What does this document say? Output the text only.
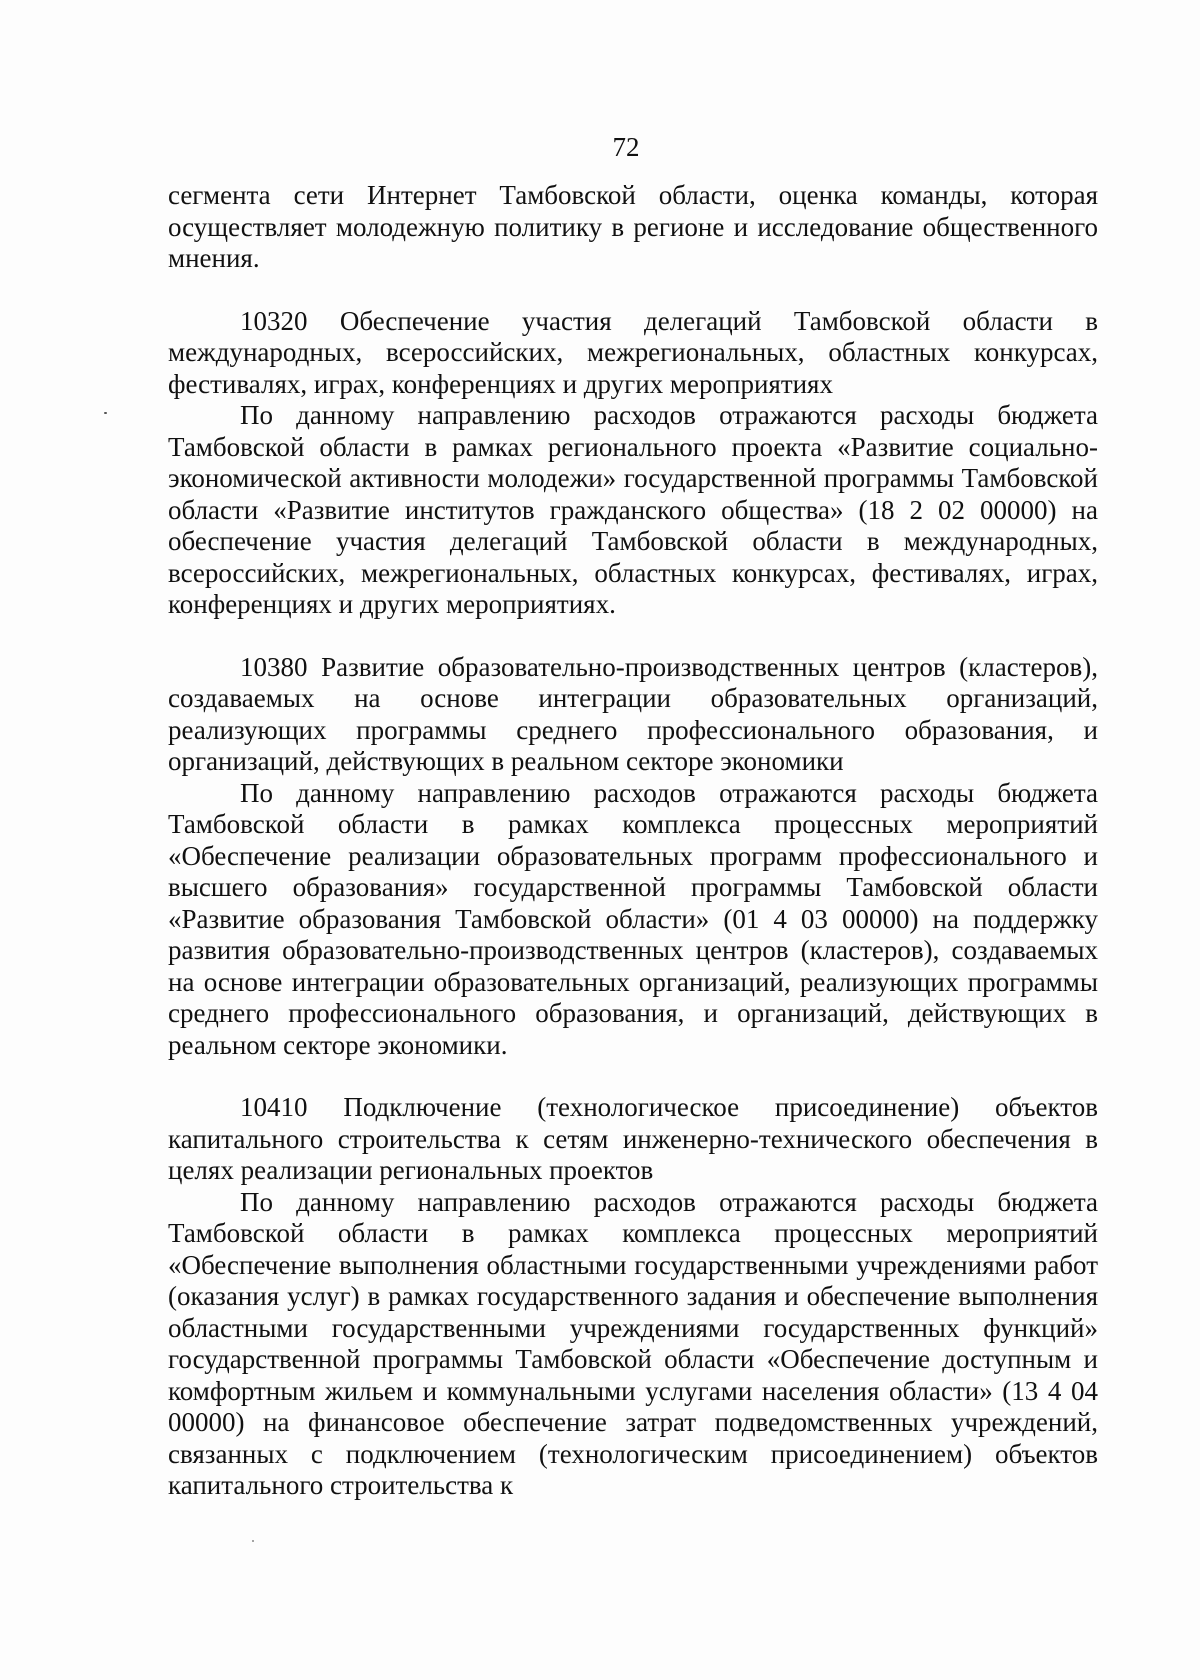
72

сегмента сети Интернет Тамбовской области, оценка команды, которая осуществляет молодежную политику в регионе и исследование общественного мнения.

10320 Обеспечение участия делегаций Тамбовской области в международных, всероссийских, межрегиональных, областных конкурсах, фестивалях, играх, конференциях и других мероприятиях

По данному направлению расходов отражаются расходы бюджета Тамбовской области в рамках регионального проекта «Развитие социально-экономической активности молодежи» государственной программы Тамбовской области «Развитие институтов гражданского общества» (18 2 02 00000) на обеспечение участия делегаций Тамбовской области в международных, всероссийских, межрегиональных, областных конкурсах, фестивалях, играх, конференциях и других мероприятиях.

10380 Развитие образовательно-производственных центров (кластеров), создаваемых на основе интеграции образовательных организаций, реализующих программы среднего профессионального образования, и организаций, действующих в реальном секторе экономики

По данному направлению расходов отражаются расходы бюджета Тамбовской области в рамках комплекса процессных мероприятий «Обеспечение реализации образовательных программ профессионального и высшего образования» государственной программы Тамбовской области «Развитие образования Тамбовской области» (01 4 03 00000) на поддержку развития образовательно-производственных центров (кластеров), создаваемых на основе интеграции образовательных организаций, реализующих программы среднего профессионального образования, и организаций, действующих в реальном секторе экономики.

10410 Подключение (технологическое присоединение) объектов капитального строительства к сетям инженерно-технического обеспечения в целях реализации региональных проектов

По данному направлению расходов отражаются расходы бюджета Тамбовской области в рамках комплекса процессных мероприятий «Обеспечение выполнения областными государственными учреждениями работ (оказания услуг) в рамках государственного задания и обеспечение выполнения областными государственными учреждениями государственных функций» государственной программы Тамбовской области «Обеспечение доступным и комфортным жильем и коммунальными услугами населения области» (13 4 04 00000) на финансовое обеспечение затрат подведомственных учреждений, связанных с подключением (технологическим присоединением) объектов капитального строительства к
